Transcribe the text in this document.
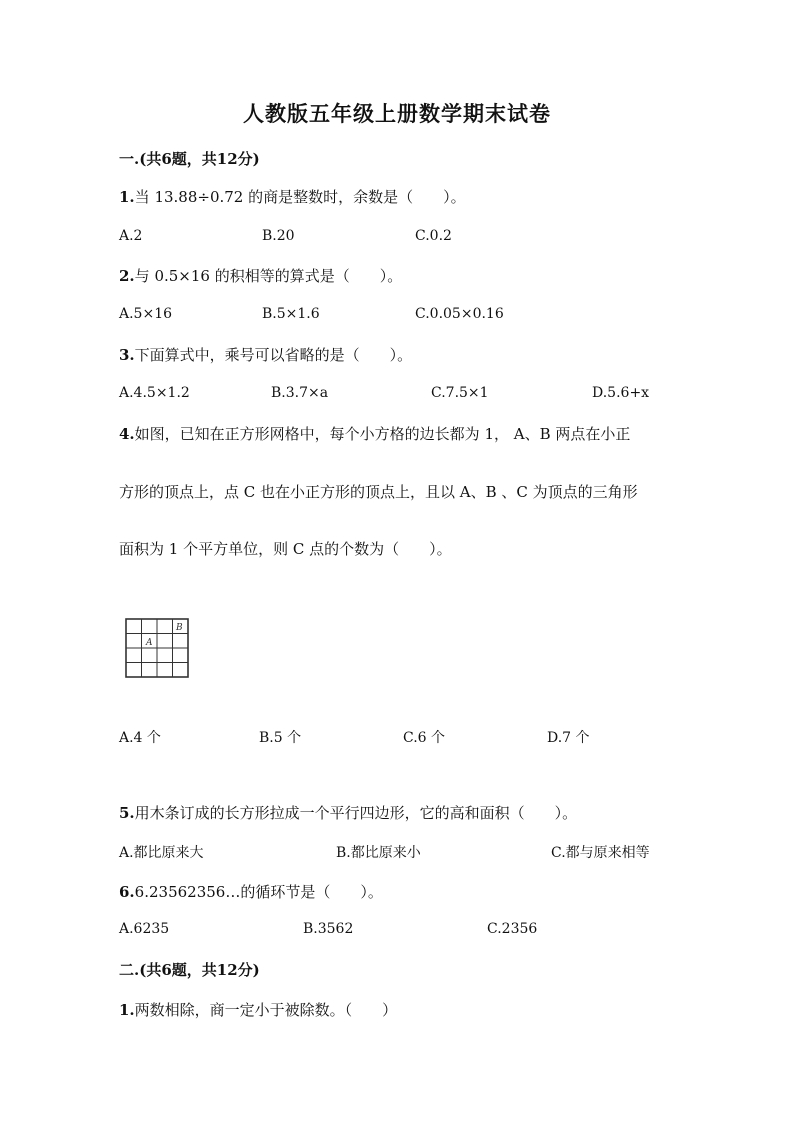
人教版五年级上册数学期末试卷
一.(共6题，共12分)
1.当 13.88÷0.72 的商是整数时，余数是（　　）。
A.2	B.20	C.0.2
2.与 0.5×16 的积相等的算式是（　　）。
A.5×16	B.5×1.6	C.0.05×0.16
3.下面算式中，乘号可以省略的是（　　）。
A.4.5×1.2	B.3.7×a	C.7.5×1	D.5.6+x
4.如图，已知在正方形网格中，每个小方格的边长都为 1， A、B 两点在小正
方形的顶点上，点 C 也在小正方形的顶点上，且以 A、B 、C 为顶点的三角形
面积为 1 个平方单位，则 C 点的个数为（　　）。
A
B
A.4 个	B.5 个	C.6 个	D.7 个
5.用木条订成的长方形拉成一个平行四边形，它的高和面积（　　）。
A.都比原来大	B.都比原来小	C.都与原来相等
6.6.23562356…的循环节是（　　）。
A.6235	B.3562	C.2356
二.(共6题，共12分)
1.两数相除，商一定小于被除数。（　　）
